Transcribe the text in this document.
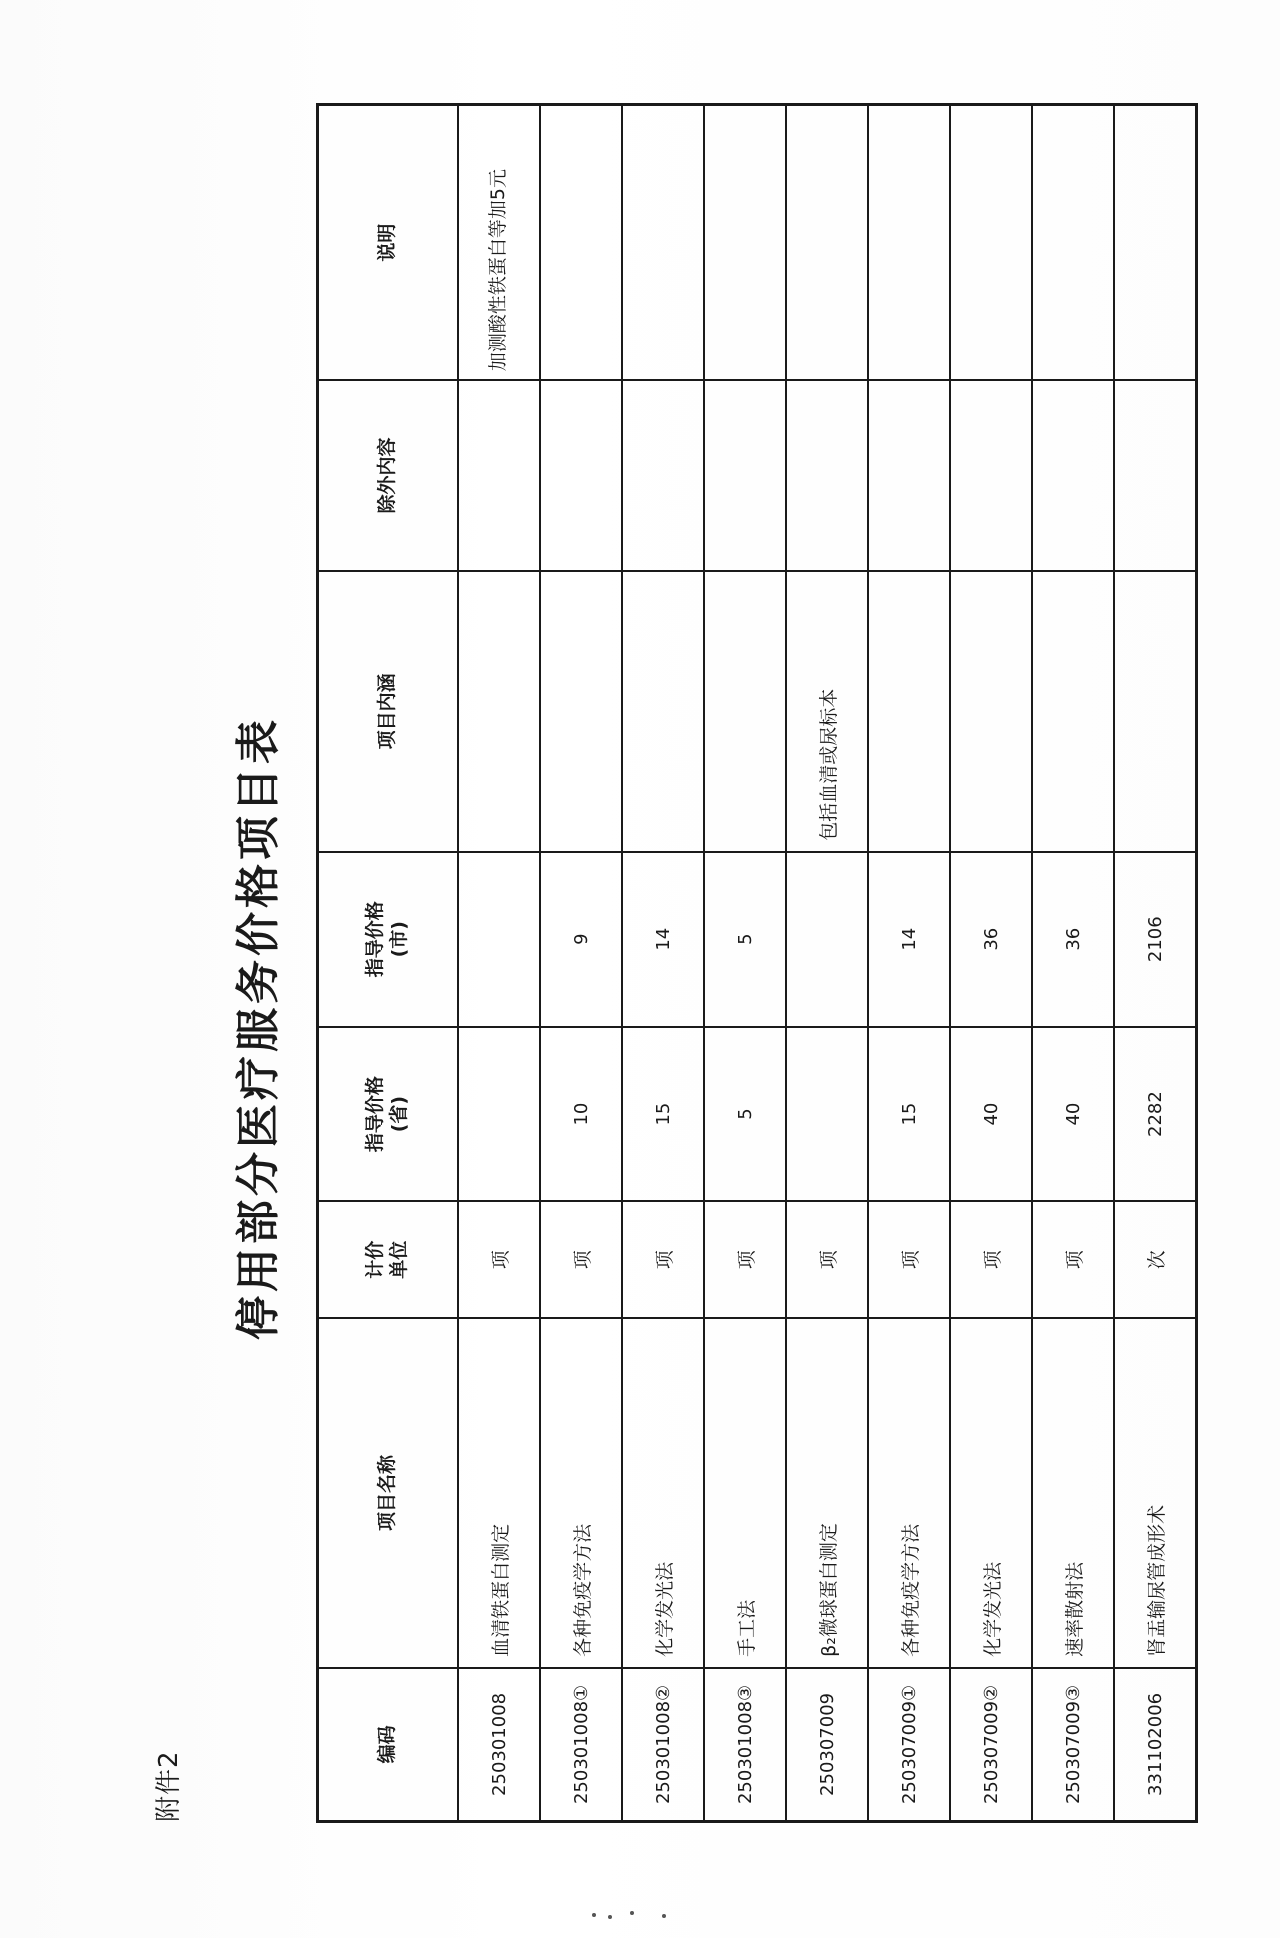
附件2
停用部分医疗服务价格项目表
编码	项目名称	计价 单位	指导价格 (省)	指导价格 (市)	项目内涵	除外内容	说明
250301008	血清铁蛋白测定	项					加测酸性铁蛋白等加5元
250301008①	各种免疫学方法	项	10	9			
250301008②	化学发光法	项	15	14			
250301008③	手工法	项	5	5			
250307009	β₂微球蛋白测定	项			包括血清或尿标本		
250307009①	各种免疫学方法	项	15	14			
250307009②	化学发光法	项	40	36			
250307009③	速率散射法	项	40	36			
331102006	肾盂输尿管成形术	次	2282	2106			
